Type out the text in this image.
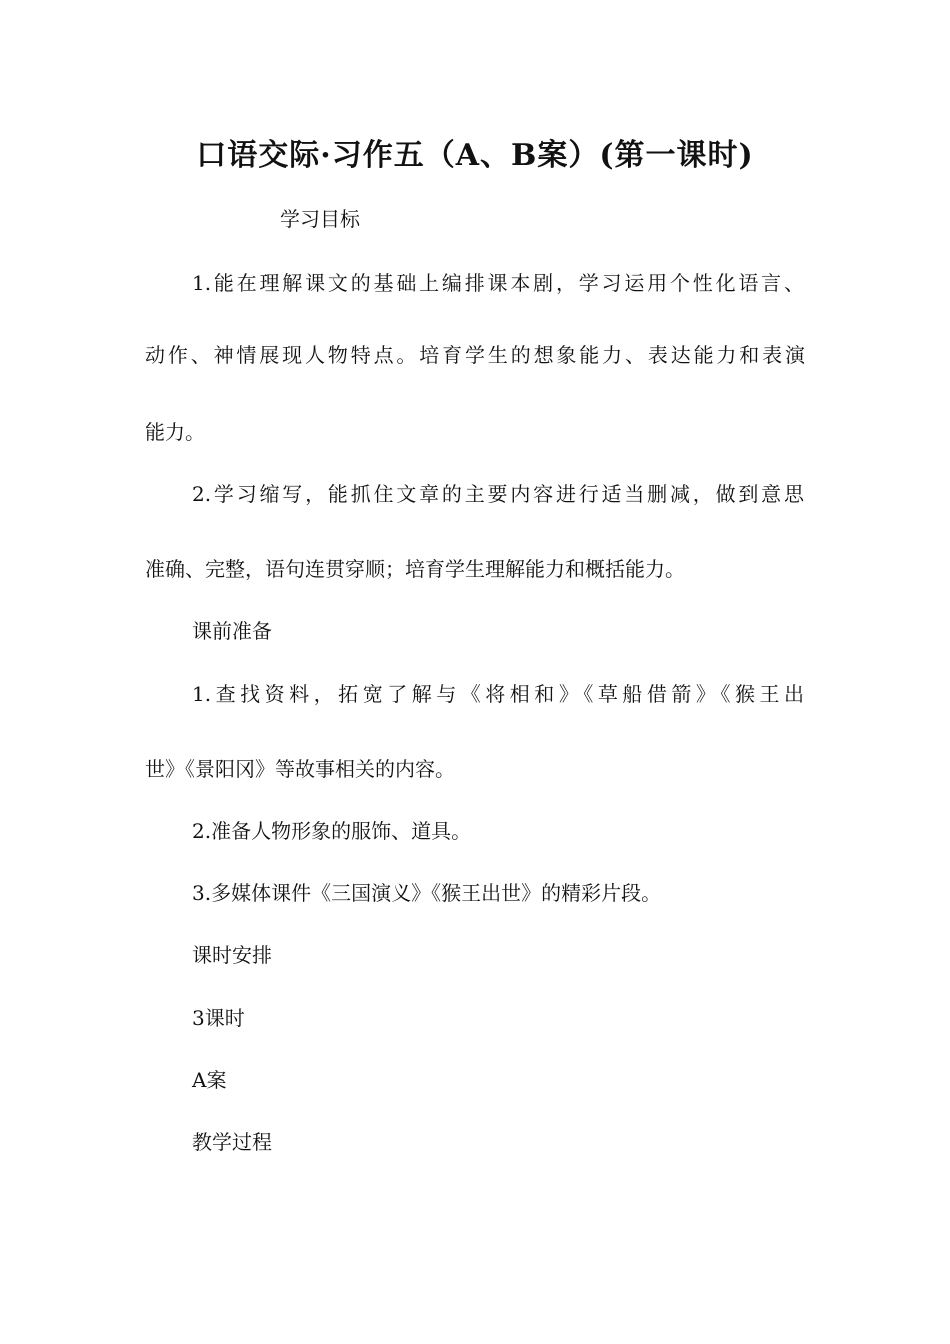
口语交际·习作五（A、B案）(第一课时)
学习目标
1.能在理解课文的基础上编排课本剧，学习运用个性化语言、
动作、神情展现人物特点。培育学生的想象能力、表达能力和表演
能力。
2.学习缩写，能抓住文章的主要内容进行适当删减，做到意思
准确、完整，语句连贯穿顺；培育学生理解能力和概括能力。
课前准备
1.查找资料，拓宽了解与《将相和》《草船借箭》《猴王出
世》《景阳冈》等故事相关的内容。
2.准备人物形象的服饰、道具。
3.多媒体课件《三国演义》《猴王出世》的精彩片段。
课时安排
3课时
A案
教学过程
